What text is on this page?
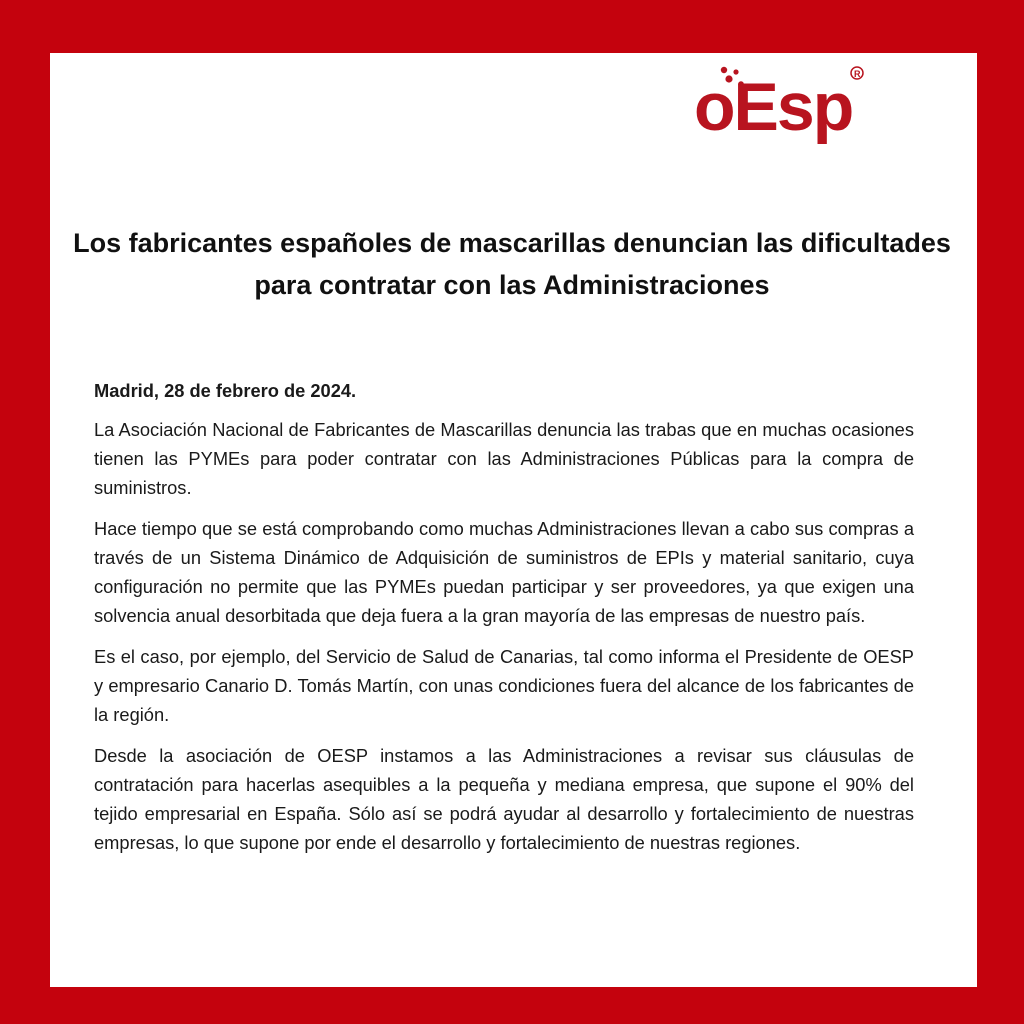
oEsp R
Los fabricantes españoles de mascarillas denuncian las dificultades para contratar con las Administraciones

Madrid, 28 de febrero de 2024.

La Asociación Nacional de Fabricantes de Mascarillas denuncia las trabas que en muchas ocasiones tienen las PYMEs para poder contratar con las Administraciones Públicas para la compra de suministros.

Hace tiempo que se está comprobando como muchas Administraciones llevan a cabo sus compras a través de un Sistema Dinámico de Adquisición de suministros de EPIs y material sanitario, cuya configuración no permite que las PYMEs puedan participar y ser proveedores, ya que exigen una solvencia anual desorbitada que deja fuera a la gran mayoría de las empresas de nuestro país.

Es el caso, por ejemplo, del Servicio de Salud de Canarias, tal como informa el Presidente de OESP y empresario Canario D. Tomás Martín, con unas condiciones fuera del alcance de los fabricantes de la región.

Desde la asociación de OESP instamos a las Administraciones a revisar sus cláusulas de contratación para hacerlas asequibles a la pequeña y mediana empresa, que supone el 90% del tejido empresarial en España. Sólo así se podrá ayudar al desarrollo y fortalecimiento de nuestras empresas, lo que supone por ende el desarrollo y fortalecimiento de nuestras regiones.
